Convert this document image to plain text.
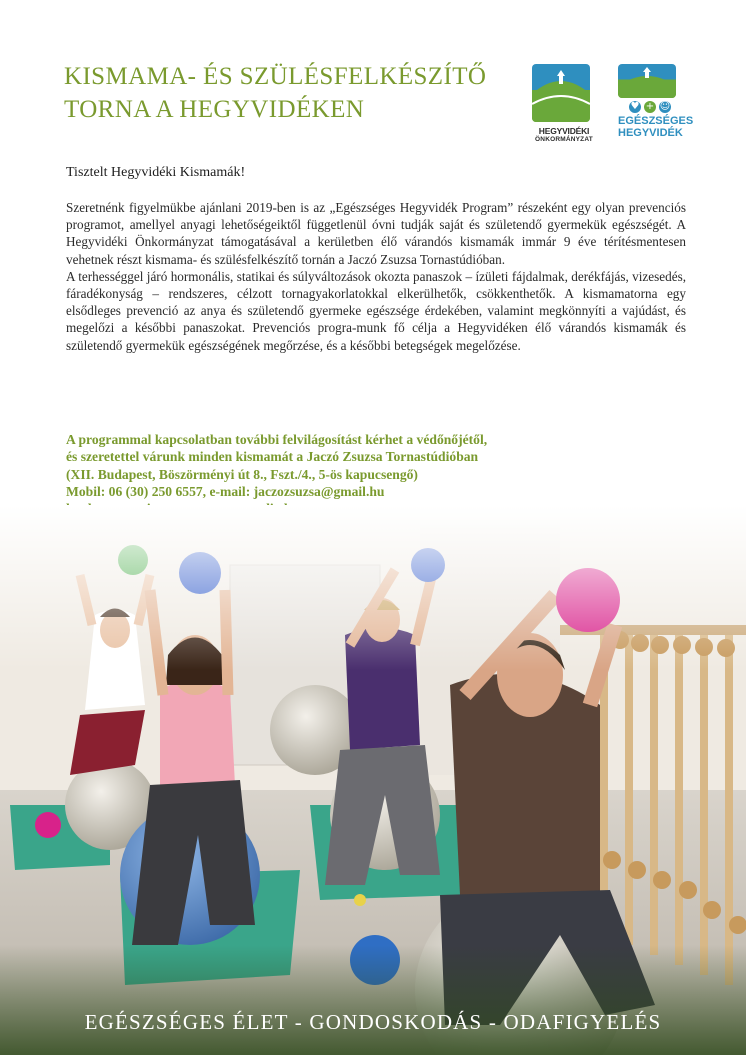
KISMAMA- ÉS SZÜLÉSFELKÉSZÍTŐ
TORNA A HEGYVIDÉKEN
HEGYVIDÉKI
ÖNKORMÁNYZAT
♥ + ☺
EGÉSZSÉGES
HEGYVIDÉK

Tisztelt Hegyvidéki Kismamák!

Szeretnénk figyelmükbe ajánlani 2019-ben is az „Egészséges Hegyvidék Program” részeként egy olyan prevenciós programot, amellyel anyagi lehetőségeiktől függetlenül óvni tudják saját és születendő gyermekük egészségét. A Hegyvidéki Önkormányzat támogatásával a kerületben élő várandós kismamák immár 9 éve térítésmentesen vehetnek részt kismama- és szülésfelkészítő tornán a Jaczó Zsuzsa Tornastúdióban.

A terhességgel járó hormonális, statikai és súlyváltozások okozta panaszok – ízületi fájdalmak, derékfájás, vizesedés, fáradékonyság – rendszeres, célzott tornagyakorlatokkal elkerülhetők, csökkenthetők. A kismamatorna egy elsődleges prevenció az anya és születendő gyermeke egészsége érdekében, valamint megkönnyíti a vajúdást, és megelőzi a későbbi panaszokat. Prevenciós progra-munk fő célja a Hegyvidéken élő várandós kismamák és születendő gyermekük egészségének megőrzése, és a későbbi betegségek megelőzése.

A programmal kapcsolatban további felvilágosítást kérhet a védőnőjétől,
és szeretettel várunk minden kismamát a Jaczó Zsuzsa Tornastúdióban
(XII. Budapest, Böszörményi út 8., Fszt./4., 5-ös kapucsengő)
Mobil: 06 (30) 250 6557, e-mail: jaczozsuzsa@gmail.hu
EGÉSZSÉGES ÉLET - GONDOSKODÁS - ODAFIGYELÉS
